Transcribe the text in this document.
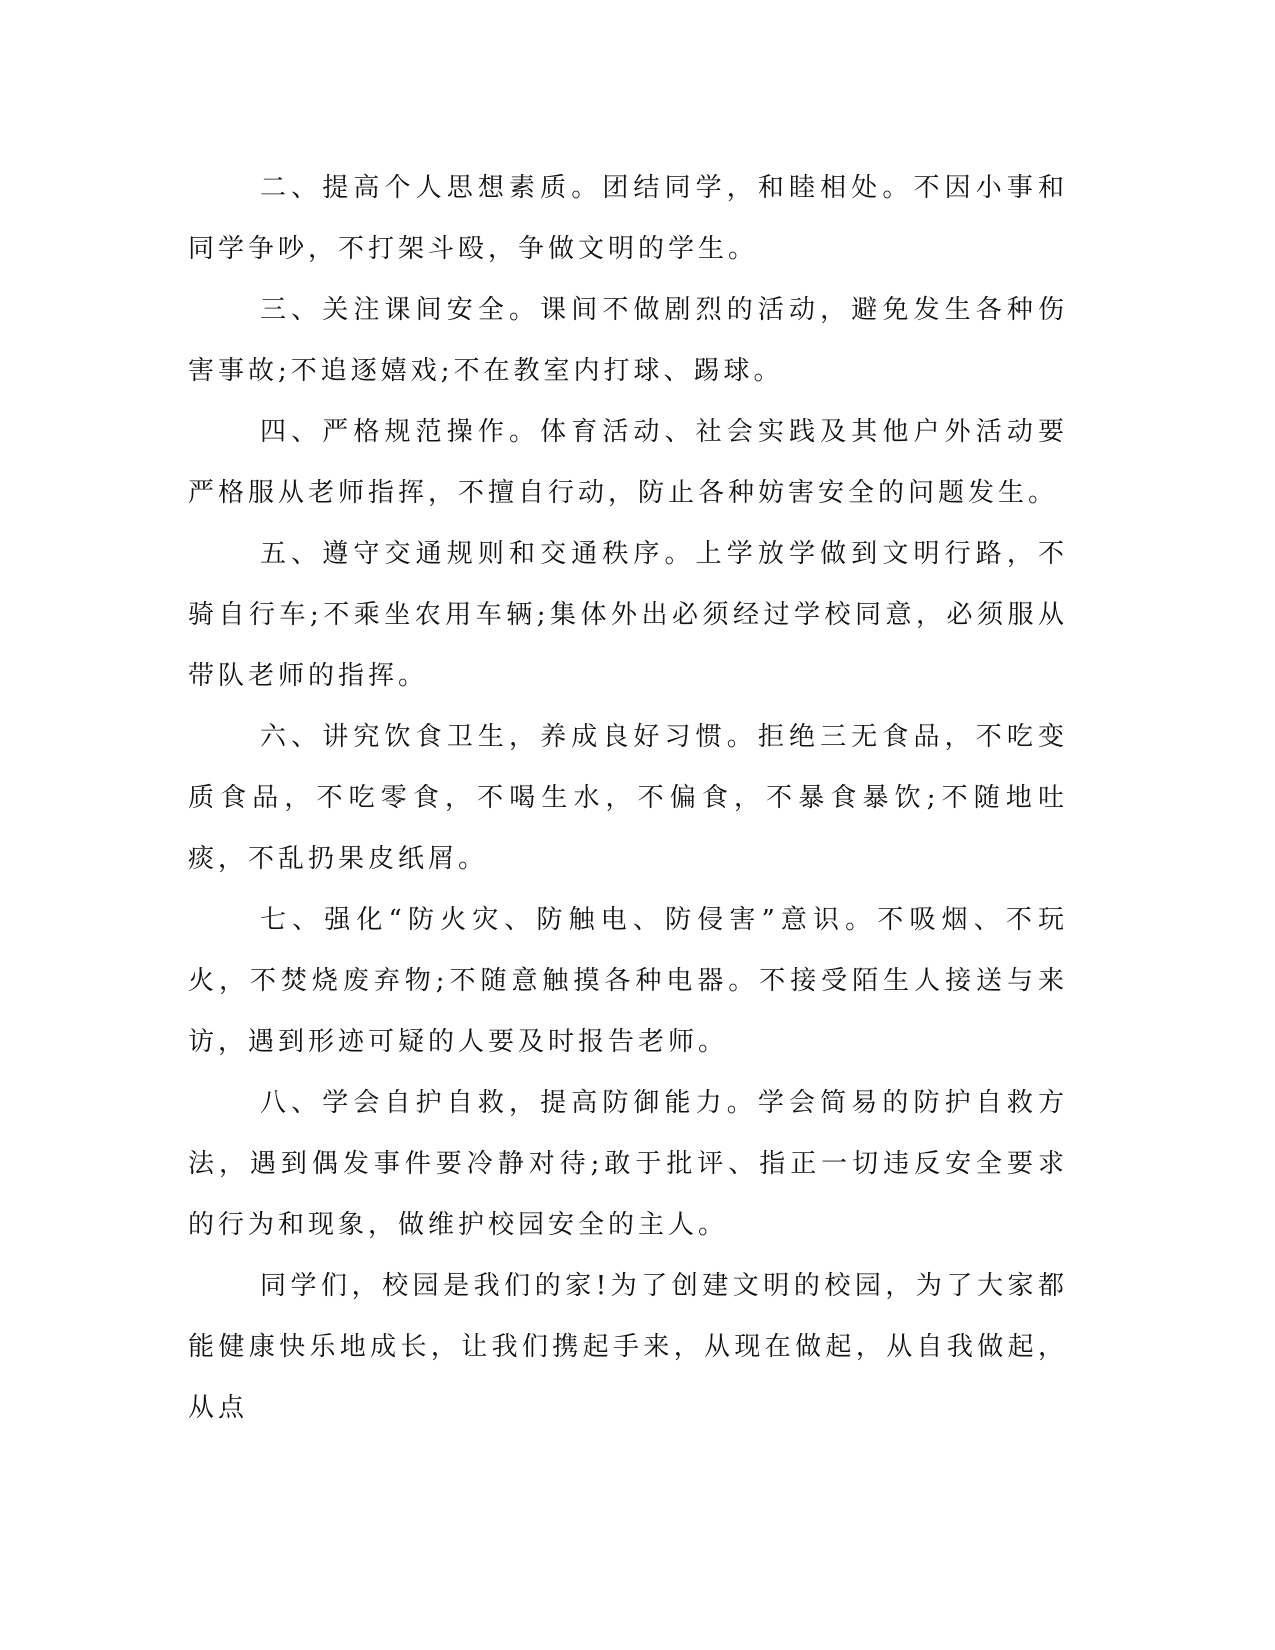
二、提高个人思想素质。团结同学，和睦相处。不因小事和同学争吵，不打架斗殴，争做文明的学生。

三、关注课间安全。课间不做剧烈的活动，避免发生各种伤害事故;不追逐嬉戏;不在教室内打球、踢球。

四、严格规范操作。体育活动、社会实践及其他户外活动要严格服从老师指挥，不擅自行动，防止各种妨害安全的问题发生。

五、遵守交通规则和交通秩序。上学放学做到文明行路，不骑自行车;不乘坐农用车辆;集体外出必须经过学校同意，必须服从带队老师的指挥。

六、讲究饮食卫生，养成良好习惯。拒绝三无食品，不吃变质食品，不吃零食，不喝生水，不偏食，不暴食暴饮;不随地吐痰，不乱扔果皮纸屑。

七、强化“防火灾、防触电、防侵害”意识。不吸烟、不玩火，不焚烧废弃物;不随意触摸各种电器。不接受陌生人接送与来访，遇到形迹可疑的人要及时报告老师。

八、学会自护自救，提高防御能力。学会简易的防护自救方法，遇到偶发事件要冷静对待;敢于批评、指正一切违反安全要求的行为和现象，做维护校园安全的主人。

同学们，校园是我们的家!为了创建文明的校园，为了大家都能健康快乐地成长，让我们携起手来，从现在做起，从自我做起，从点
